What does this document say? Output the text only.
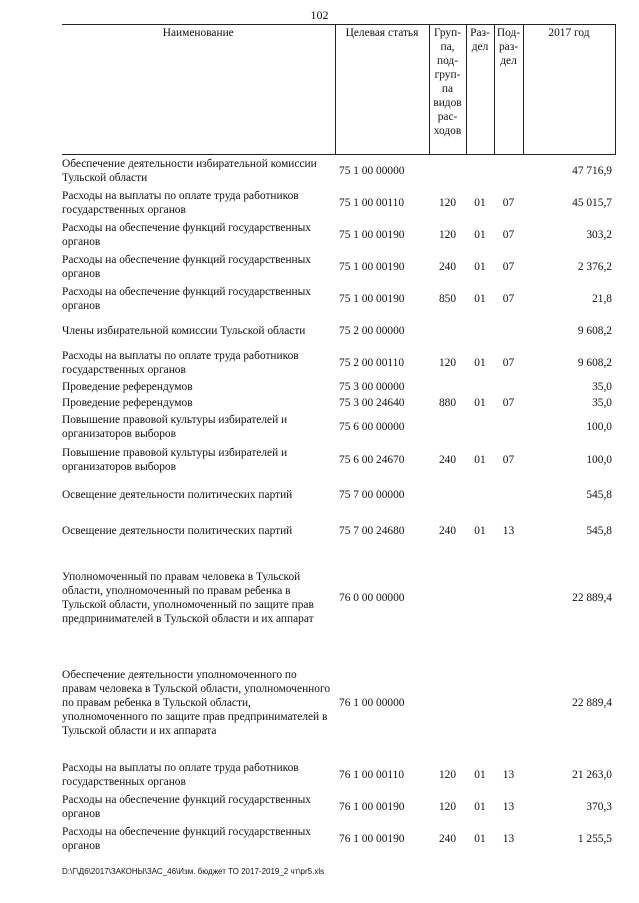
102
Наименование	Целевая статья	Груп-па, под-груп-па видов рас-ходов	Раз-дел	Под-раз-дел	2017 год
Обеспечение деятельности избирательной комиссии Тульской области	75 1 00 00000				47 716,9
Расходы на выплаты по оплате труда работников государственных органов	75 1 00 00110	120	01	07	45 015,7
Расходы на обеспечение функций государственных органов	75 1 00 00190	120	01	07	303,2
Расходы на обеспечение функций государственных органов	75 1 00 00190	240	01	07	2 376,2
Расходы на обеспечение функций государственных органов	75 1 00 00190	850	01	07	21,8
Члены избирательной комиссии Тульской области	75 2 00 00000				9 608,2
Расходы на выплаты по оплате труда работников государственных органов	75 2 00 00110	120	01	07	9 608,2
Проведение референдумов	75 3 00 00000				35,0
Проведение референдумов	75 3 00 24640	880	01	07	35,0
Повышение правовой культуры избирателей и организаторов выборов	75 6 00 00000				100,0
Повышение правовой культуры избирателей и организаторов выборов	75 6 00 24670	240	01	07	100,0
Освещение деятельности политических партий	75 7 00 00000				545,8
Освещение деятельности политических партий	75 7 00 24680	240	01	13	545,8
Уполномоченный по правам человека в Тульской области, уполномоченный по правам ребенка в Тульской области, уполномоченный по защите прав предпринимателей в Тульской области и их аппарат	76 0 00 00000				22 889,4
Обеспечение деятельности уполномоченного по правам человека в Тульской области, уполномоченного по правам ребенка в Тульской области, уполномоченного по защите прав предпринимателей в Тульской области и их аппарата	76 1 00 00000				22 889,4
Расходы на выплаты по оплате труда работников государственных органов	76 1 00 00110	120	01	13	21 263,0
Расходы на обеспечение функций государственных органов	76 1 00 00190	120	01	13	370,3
Расходы на обеспечение функций государственных органов	76 1 00 00190	240	01	13	1 255,5
D:\Г\Д6\2017\ЗАКОНЫ\ЗАС_46\Изм. бюджет ТО 2017-2019_2 чт\pr5.xls
